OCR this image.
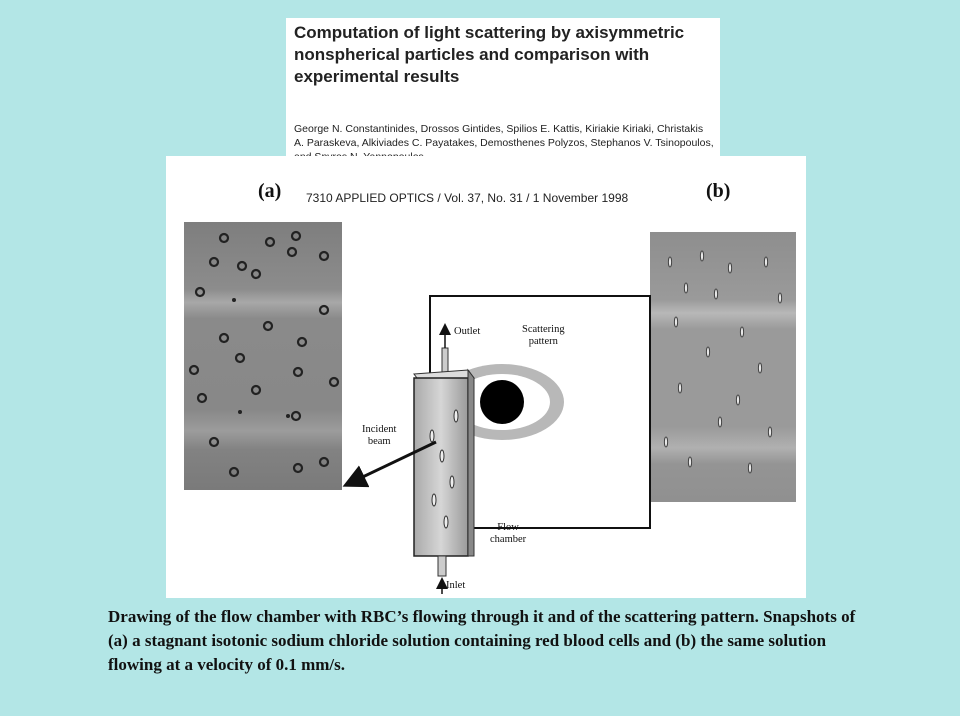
Computation of light scattering by axisymmetric nonspherical particles and comparison with experimental results
George N. Constantinides, Drossos Gintides, Spilios E. Kattis, Kiriakie Kiriaki, Christakis A. Paraskeva, Alkiviades C. Payatakes, Demosthenes Polyzos, Stephanos V. Tsinopoulos,
7310 APPLIED OPTICS / Vol. 37, No. 31 / 1 November 1998
(a)	(b)
Outlet	Scattering
pattern
Incident
beam
Flow
chamber
Inlet
Drawing of the flow chamber with RBC’s flowing through it and of the scattering pattern. Snapshots of (a) a stagnant isotonic sodium chloride solution containing red blood cells and (b) the same solution flowing at a velocity of 0.1 mm/s.
